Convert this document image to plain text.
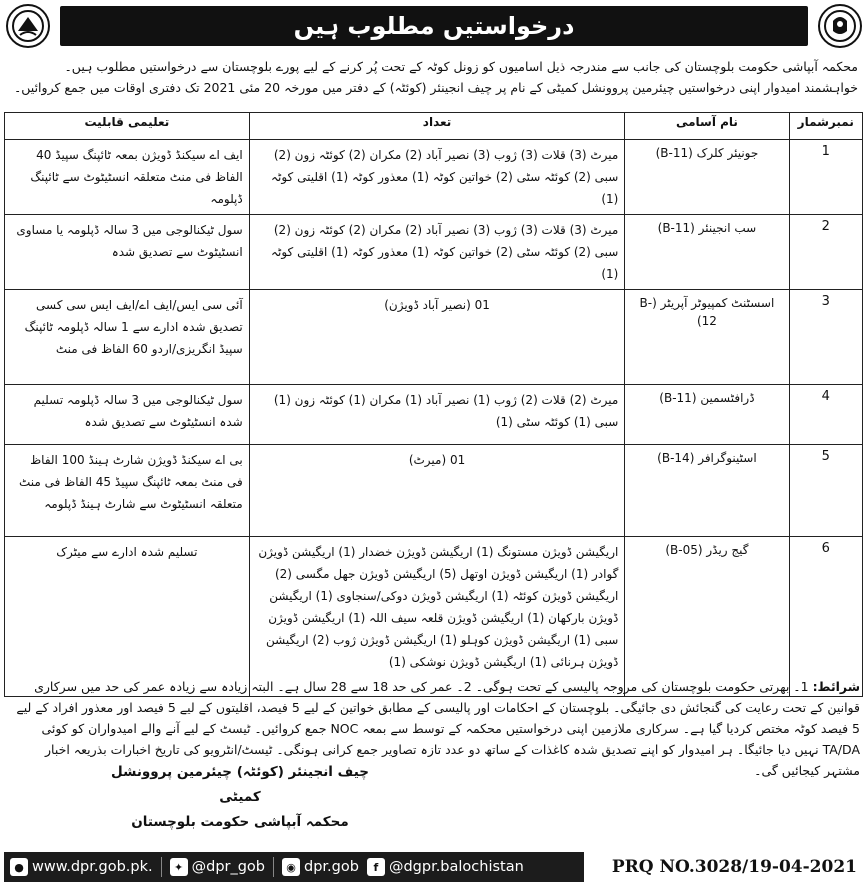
درخواستیں مطلوب ہیں
محکمہ آبپاشی حکومت بلوچستان کی جانب سے مندرجہ ذیل اسامیوں کو زونل کوٹہ کے تحت پُر کرنے کے لیے پورے بلوچستان سے درخواستیں مطلوب ہیں۔ خواہشمند امیدوار اپنی درخواستیں چیئرمین پروونشل کمیٹی کے نام پر چیف انجینئر (کوئٹہ) کے دفتر میں مورخہ 20 مئی 2021 تک دفتری اوقات میں جمع کروائیں۔
نمبرشمار	نام آسامی	تعداد	تعلیمی قابلیت
1	جونیئر کلرک (B-11)	میرٹ (3) قلات (3) ژوب (3) نصیر آباد (2) مکران (2) کوئٹہ زون (2) سبی (2) کوئٹہ سٹی (2) خواتین کوٹہ (1) معذور کوٹہ (1) اقلیتی کوٹہ (1)	ایف اے سیکنڈ ڈویژن بمعہ ٹائپنگ سپیڈ 40 الفاظ فی منٹ متعلقہ انسٹیٹوٹ سے ٹائپنگ ڈپلومہ
2	سب انجینئر (B-11)	میرٹ (3) قلات (3) ژوب (3) نصیر آباد (2) مکران (2) کوئٹہ زون (2) سبی (2) کوئٹہ سٹی (2) خواتین کوٹہ (1) معذور کوٹہ (1) اقلیتی کوٹہ (1)	سول ٹیکنالوجی میں 3 سالہ ڈپلومہ یا مساوی انسٹیٹوٹ سے تصدیق شدہ
3	اسسٹنٹ کمپیوٹر آپریٹر (B-12)	01 (نصیر آباد ڈویژن)	آئی سی ایس/ایف اے/ایف ایس سی کسی تصدیق شدہ ادارے سے 1 سالہ ڈپلومہ ٹائپنگ سپیڈ انگریزی/اردو 60 الفاظ فی منٹ
4	ڈرافٹسمین (B-11)	میرٹ (2) قلات (2) ژوب (1) نصیر آباد (1) مکران (1) کوئٹہ زون (1) سبی (1) کوئٹہ سٹی (1)	سول ٹیکنالوجی میں 3 سالہ ڈپلومہ تسلیم شدہ انسٹیٹوٹ سے تصدیق شدہ
5	اسٹینوگرافر (B-14)	01 (میرٹ)	بی اے سیکنڈ ڈویژن شارٹ ہینڈ 100 الفاظ فی منٹ بمعہ ٹائپنگ سپیڈ 45 الفاظ فی منٹ متعلقہ انسٹیٹوٹ سے شارٹ ہینڈ ڈپلومہ
6	گیج ریڈر (B-05)	اریگیشن ڈویژن مستونگ (1) اریگیشن ڈویژن خضدار (1) اریگیشن ڈویژن گوادر (1) اریگیشن ڈویژن اوتھل (5) اریگیشن ڈویژن جھل مگسی (2) اریگیشن ڈویژن کوئٹہ (1) اریگیشن ڈویژن دوکی/سنجاوی (1) اریگیشن ڈویژن بارکھان (1) اریگیشن ڈویژن قلعہ سیف اللہ (1) اریگیشن ڈویژن سبی (1) اریگیشن ڈویژن کوہلو (1) اریگیشن ڈویژن ژوب (2) اریگیشن ڈویژن ہرنائی (1) اریگیشن ڈویژن نوشکی (1)	تسلیم شدہ ادارے سے میٹرک
شرائط: 1۔ بھرتی حکومت بلوچستان کی مروجہ پالیسی کے تحت ہوگی۔ 2۔ عمر کی حد 18 سے 28 سال ہے۔ البتہ زیادہ سے زیادہ عمر کی حد میں سرکاری قوانین کے تحت رعایت کی گنجائش دی جائیگی۔ بلوچستان کے احکامات اور پالیسی کے مطابق خواتین کے لیے 5 فیصد، اقلیتوں کے لیے 5 فیصد اور معذور افراد کے لیے 5 فیصد کوٹہ مختص کردیا گیا ہے۔ سرکاری ملازمین اپنی درخواستیں محکمہ کے توسط سے بمعہ NOC جمع کروائیں۔ ٹیسٹ کے لیے آنے والے امیدواران کو کوئی TA/DA نہیں دیا جائیگا۔ ہر امیدوار کو اپنے تصدیق شدہ کاغذات کے ساتھ دو عدد تازہ تصاویر جمع کرانی ہونگی۔ ٹیسٹ/انٹرویو کی تاریخ اخبارات بذریعہ اخبار مشتہر کیجائیں گی۔
چیف انجینئر (کوئٹہ) چیئرمین پروونشل کمیٹی
محکمہ آبپاشی حکومت بلوچستان
● www.dpr.gob.pk.	✦ @dpr_gob	◉ dpr.gob	f @dgpr.balochistan	PRQ NO.3028/19-04-2021
